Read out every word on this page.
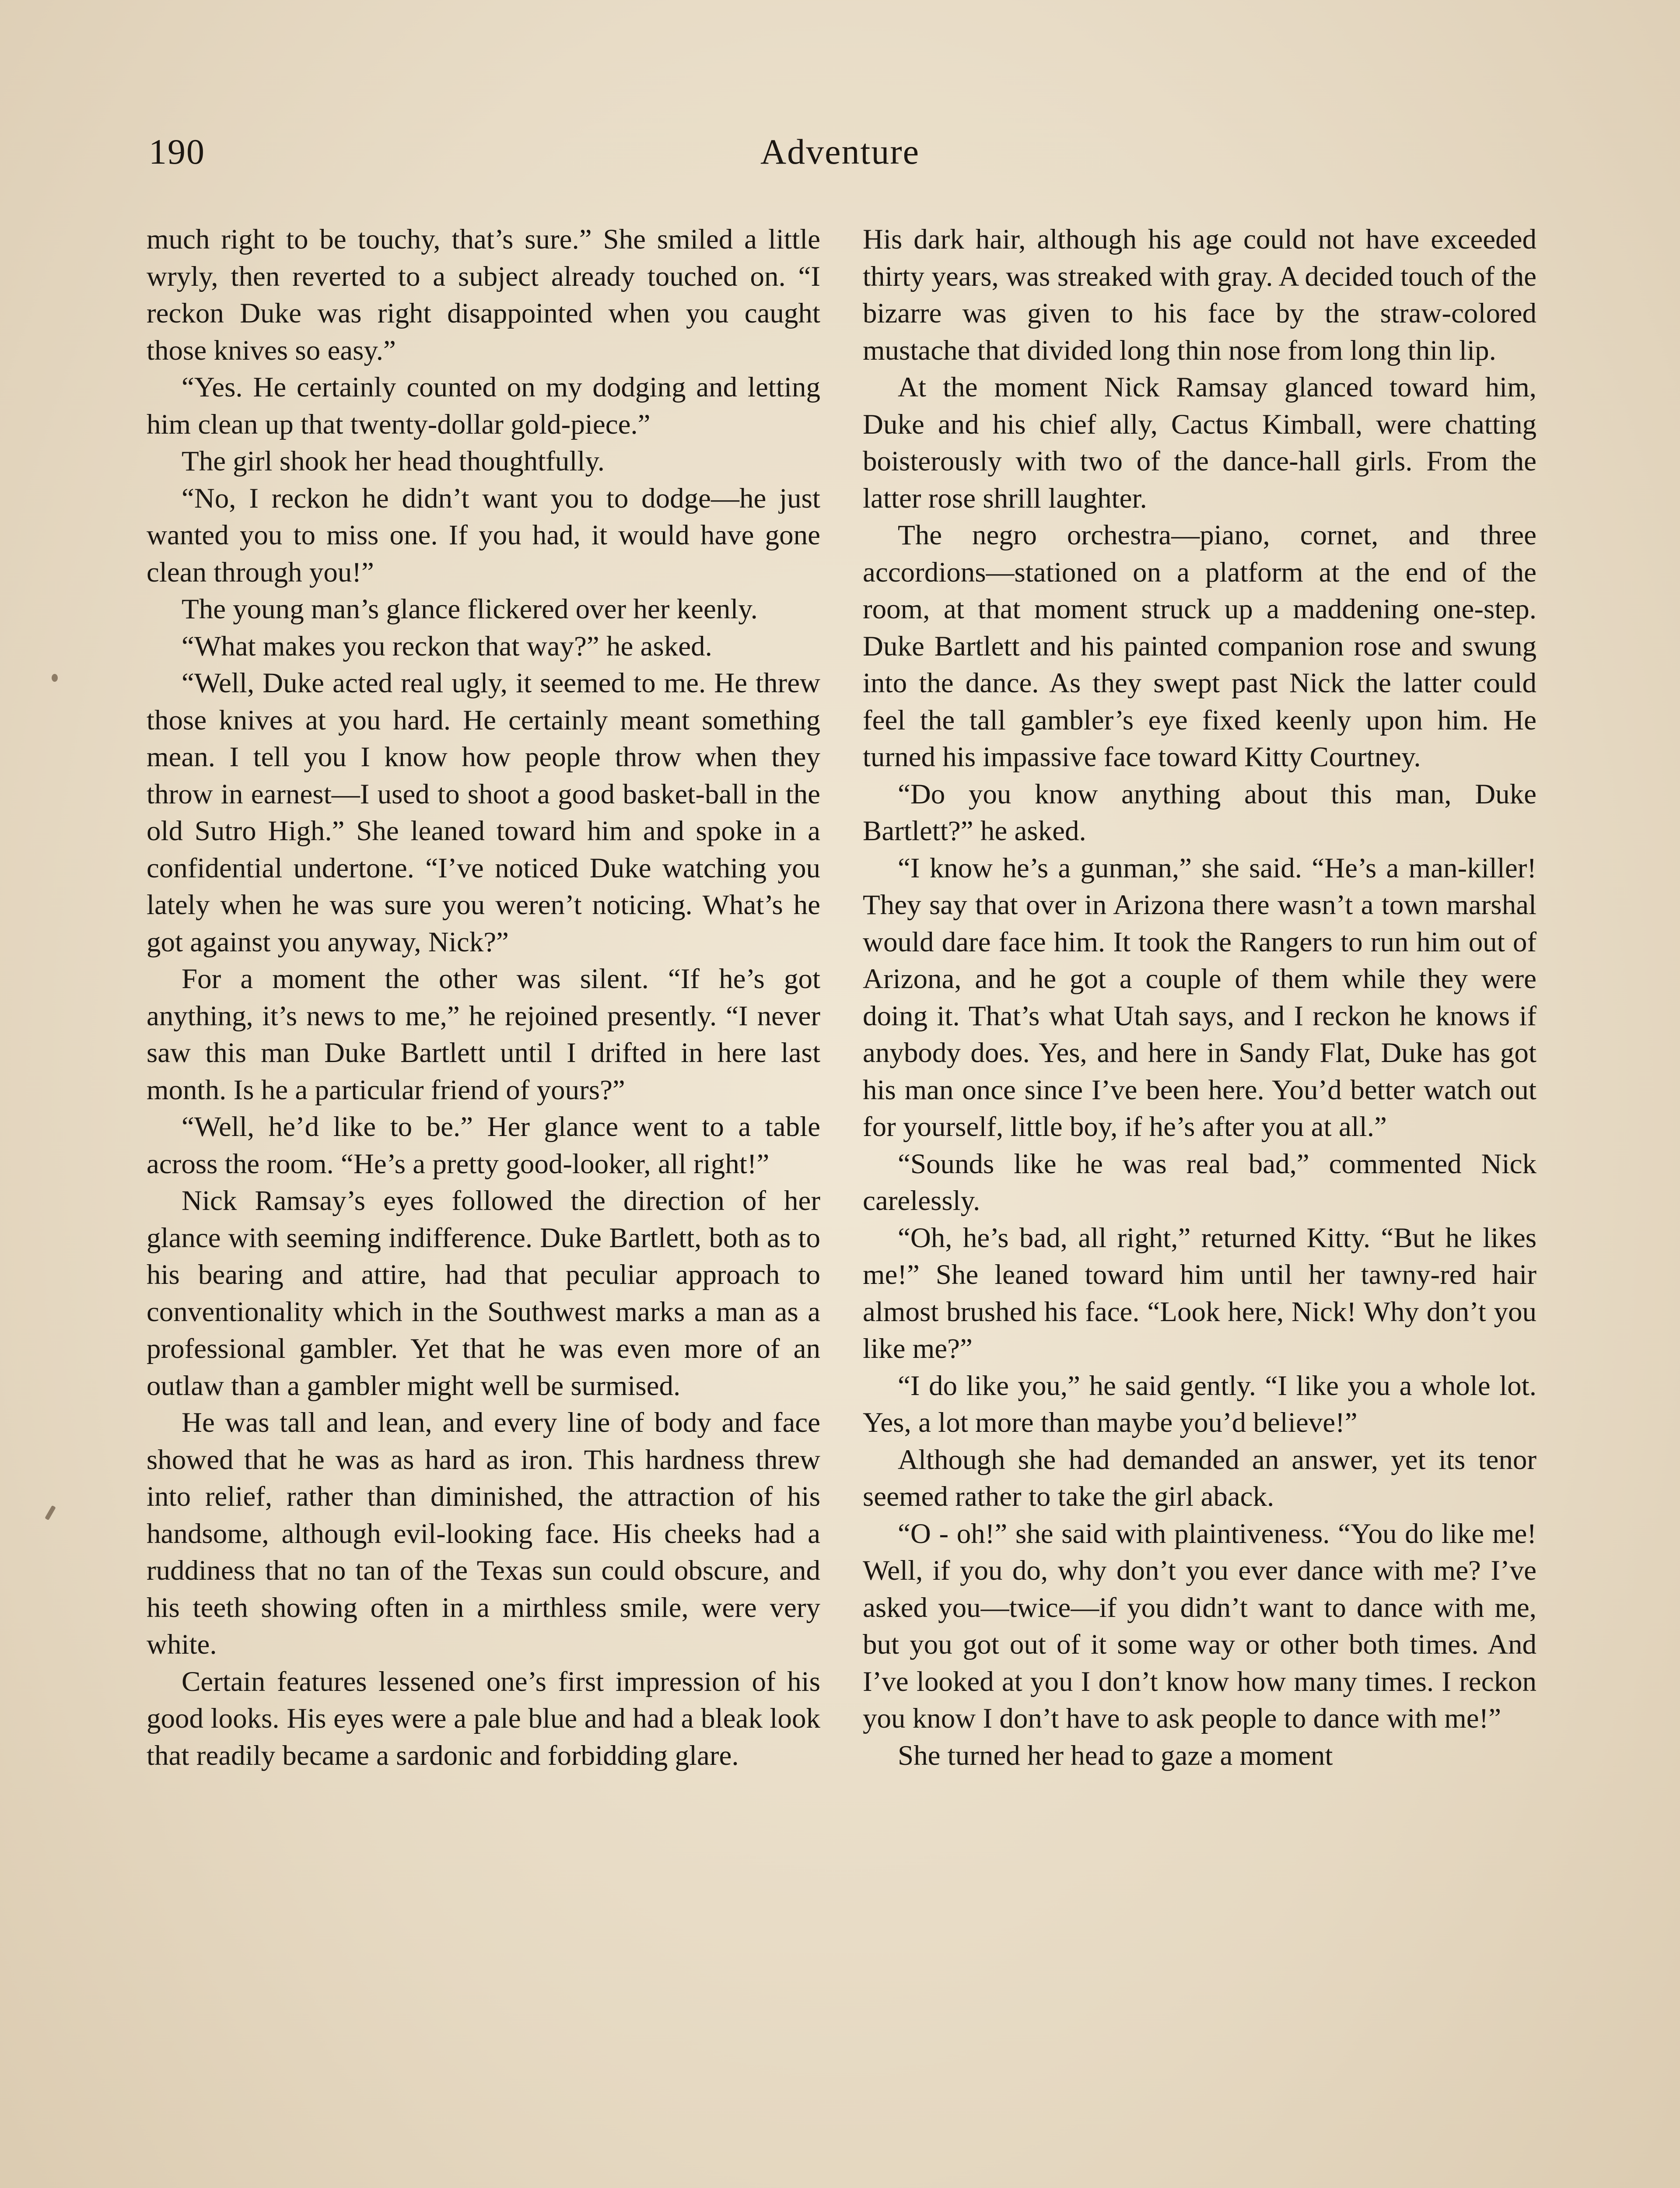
190	Adventure

much right to be touchy, that’s sure.” She smiled a little wryly, then reverted to a subject already touched on. “I reckon Duke was right disappointed when you caught those knives so easy.”

“Yes. He certainly counted on my dodging and letting him clean up that twenty-dollar gold-piece.”

The girl shook her head thoughtfully.

“No, I reckon he didn’t want you to dodge—he just wanted you to miss one. If you had, it would have gone clean through you!”

The young man’s glance flickered over her keenly.

“What makes you reckon that way?” he asked.

“Well, Duke acted real ugly, it seemed to me. He threw those knives at you hard. He certainly meant something mean. I tell you I know how people throw when they throw in earnest—I used to shoot a good basket-ball in the old Sutro High.” She leaned toward him and spoke in a confidential undertone. “I’ve noticed Duke watching you lately when he was sure you weren’t noticing. What’s he got against you anyway, Nick?”

For a moment the other was silent. “If he’s got anything, it’s news to me,” he rejoined presently. “I never saw this man Duke Bartlett until I drifted in here last month. Is he a particular friend of yours?”

“Well, he’d like to be.” Her glance went to a table across the room. “He’s a pretty good-looker, all right!”

Nick Ramsay’s eyes followed the direction of her glance with seeming indifference. Duke Bartlett, both as to his bearing and attire, had that peculiar approach to conventionality which in the Southwest marks a man as a professional gambler. Yet that he was even more of an outlaw than a gambler might well be surmised.

He was tall and lean, and every line of body and face showed that he was as hard as iron. This hardness threw into relief, rather than diminished, the attraction of his handsome, although evil-looking face. His cheeks had a ruddiness that no tan of the Texas sun could obscure, and his teeth showing often in a mirthless smile, were very white.

Certain features lessened one’s first impression of his good looks. His eyes were a pale blue and had a bleak look that readily became a sardonic and forbidding glare.

His dark hair, although his age could not have exceeded thirty years, was streaked with gray. A decided touch of the bizarre was given to his face by the straw-colored mustache that divided long thin nose from long thin lip.

At the moment Nick Ramsay glanced toward him, Duke and his chief ally, Cactus Kimball, were chatting boisterously with two of the dance-hall girls. From the latter rose shrill laughter.

The negro orchestra—piano, cornet, and three accordions—stationed on a platform at the end of the room, at that moment struck up a maddening one-step. Duke Bartlett and his painted companion rose and swung into the dance. As they swept past Nick the latter could feel the tall gambler’s eye fixed keenly upon him. He turned his impassive face toward Kitty Courtney.

“Do you know anything about this man, Duke Bartlett?” he asked.

“I know he’s a gunman,” she said. “He’s a man-killer! They say that over in Arizona there wasn’t a town marshal would dare face him. It took the Rangers to run him out of Arizona, and he got a couple of them while they were doing it. That’s what Utah says, and I reckon he knows if anybody does. Yes, and here in Sandy Flat, Duke has got his man once since I’ve been here. You’d better watch out for yourself, little boy, if he’s after you at all.”

“Sounds like he was real bad,” commented Nick carelessly.

“Oh, he’s bad, all right,” returned Kitty. “But he likes me!” She leaned toward him until her tawny-red hair almost brushed his face. “Look here, Nick! Why don’t you like me?”

“I do like you,” he said gently. “I like you a whole lot. Yes, a lot more than maybe you’d believe!”

Although she had demanded an answer, yet its tenor seemed rather to take the girl aback.

“O - oh!” she said with plaintiveness. “You do like me! Well, if you do, why don’t you ever dance with me? I’ve asked you—twice—if you didn’t want to dance with me, but you got out of it some way or other both times. And I’ve looked at you I don’t know how many times. I reckon you know I don’t have to ask people to dance with me!”

She turned her head to gaze a moment
